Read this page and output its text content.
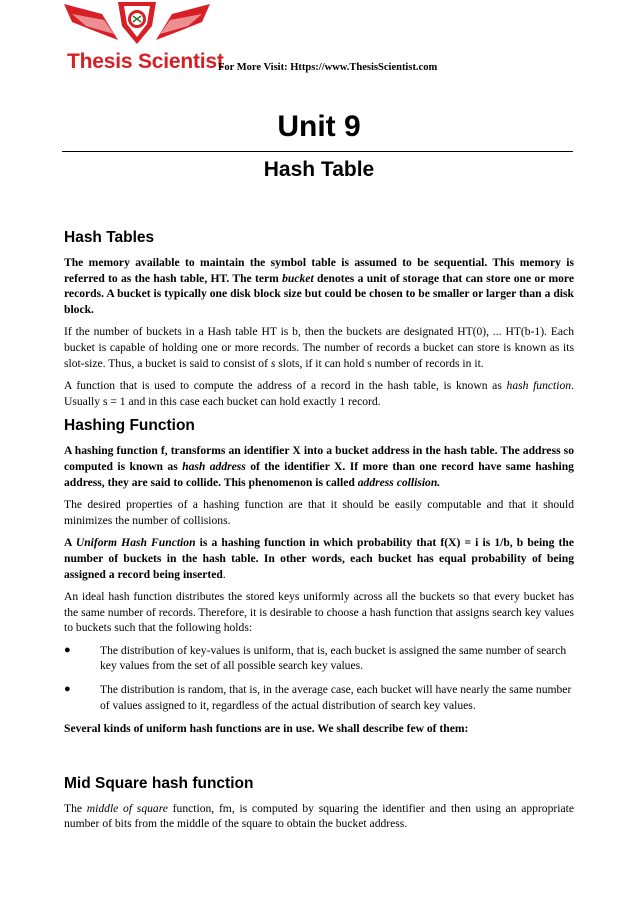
Thesis Scientist
For More Visit: Https://www.ThesisScientist.com
Unit 9
Hash Table
Hash Tables

The memory available to maintain the symbol table is assumed to be sequential. This memory is referred to as the hash table, HT. The term bucket denotes a unit of storage that can store one or more records. A bucket is typically one disk block size but could be chosen to be smaller or larger than a disk block.

If the number of buckets in a Hash table HT is b, then the buckets are designated HT(0), ... HT(b-1). Each bucket is capable of holding one or more records. The number of records a bucket can store is known as its slot-size. Thus, a bucket is said to consist of s slots, if it can hold s number of records in it.

A function that is used to compute the address of a record in the hash table, is known as hash function. Usually s = 1 and in this case each bucket can hold exactly 1 record.

Hashing Function

A hashing function f, transforms an identifier X into a bucket address in the hash table. The address so computed is known as hash address of the identifier X. If more than one record have same hashing address, they are said to collide. This phenomenon is called address collision.

The desired properties of a hashing function are that it should be easily computable and that it should minimizes the number of collisions.

A Uniform Hash Function is a hashing function in which probability that f(X) = i is 1/b, b being the number of buckets in the hash table. In other words, each bucket has equal probability of being assigned a record being inserted.

An ideal hash function distributes the stored keys uniformly across all the buckets so that every bucket has the same number of records. Therefore, it is desirable to choose a hash function that assigns search key values to buckets such that the following holds:

●	The distribution of key-values is uniform, that is, each bucket is assigned the same number of search key values from the set of all possible search key values.
●	The distribution is random, that is, in the average case, each bucket will have nearly the same number of values assigned to it, regardless of the actual distribution of search key values.

Several kinds of uniform hash functions are in use. We shall describe few of them:

Mid Square hash function

The middle of square function, fm, is computed by squaring the identifier and then using an appropriate number of bits from the middle of the square to obtain the bucket address.
